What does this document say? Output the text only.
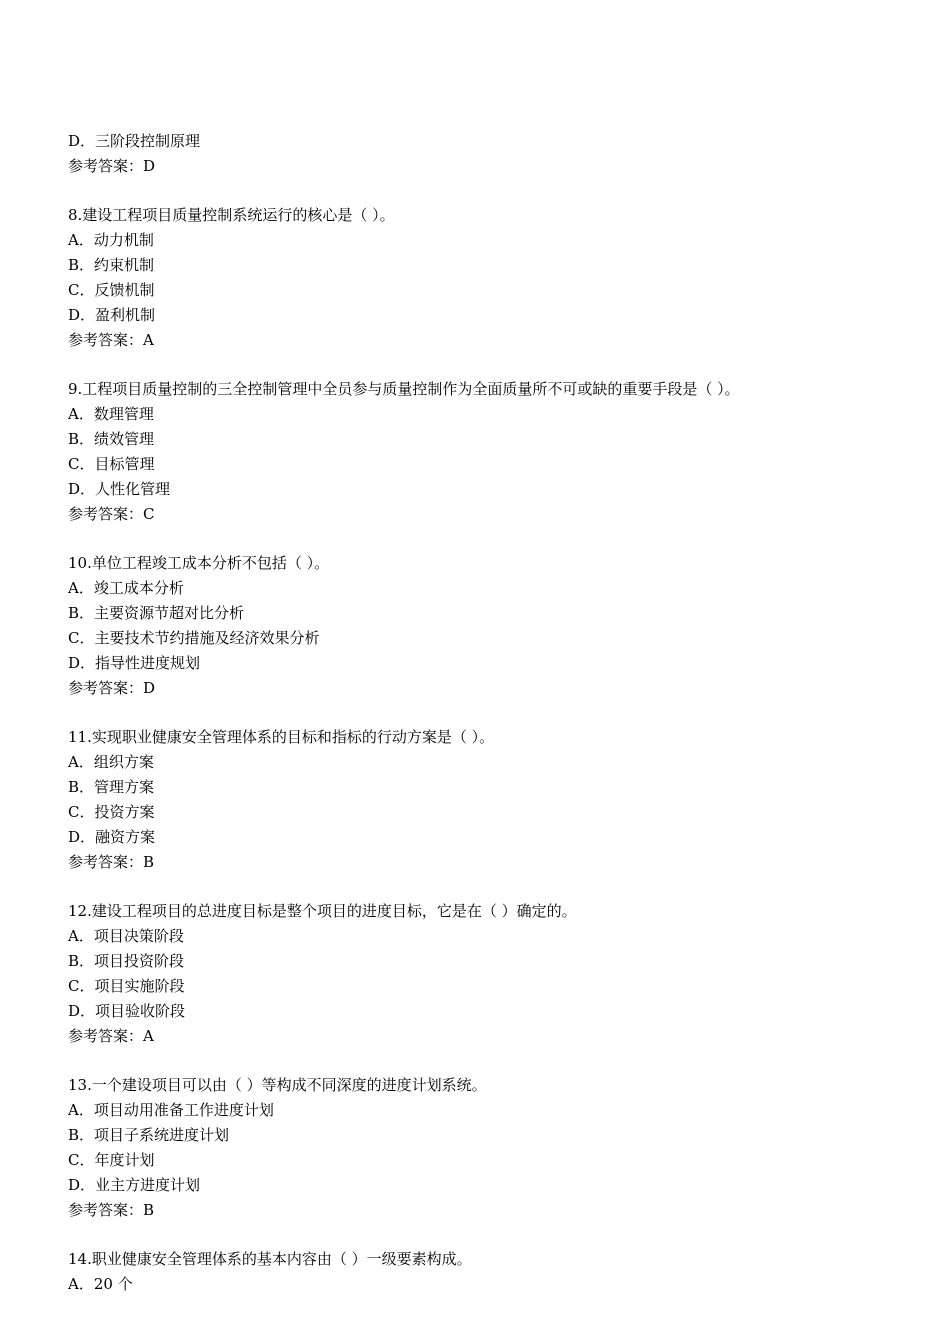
D．三阶段控制原理
参考答案：D
8.建设工程项目质量控制系统运行的核心是（ ）。
A．动力机制
B．约束机制
C．反馈机制
D．盈利机制
参考答案：A
9.工程项目质量控制的三全控制管理中全员参与质量控制作为全面质量所不可或缺的重要手段是（ ）。
A．数理管理
B．绩效管理
C．目标管理
D．人性化管理
参考答案：C
10.单位工程竣工成本分析不包括（ ）。
A．竣工成本分析
B．主要资源节超对比分析
C．主要技术节约措施及经济效果分析
D．指导性进度规划
参考答案：D
11.实现职业健康安全管理体系的目标和指标的行动方案是（ ）。
A．组织方案
B．管理方案
C．投资方案
D．融资方案
参考答案：B
12.建设工程项目的总进度目标是整个项目的进度目标，它是在（ ）确定的。
A．项目决策阶段
B．项目投资阶段
C．项目实施阶段
D．项目验收阶段
参考答案：A
13.一个建设项目可以由（ ）等构成不同深度的进度计划系统。
A．项目动用准备工作进度计划
B．项目子系统进度计划
C．年度计划
D．业主方进度计划
参考答案：B
14.职业健康安全管理体系的基本内容由（ ）一级要素构成。
A．20 个
